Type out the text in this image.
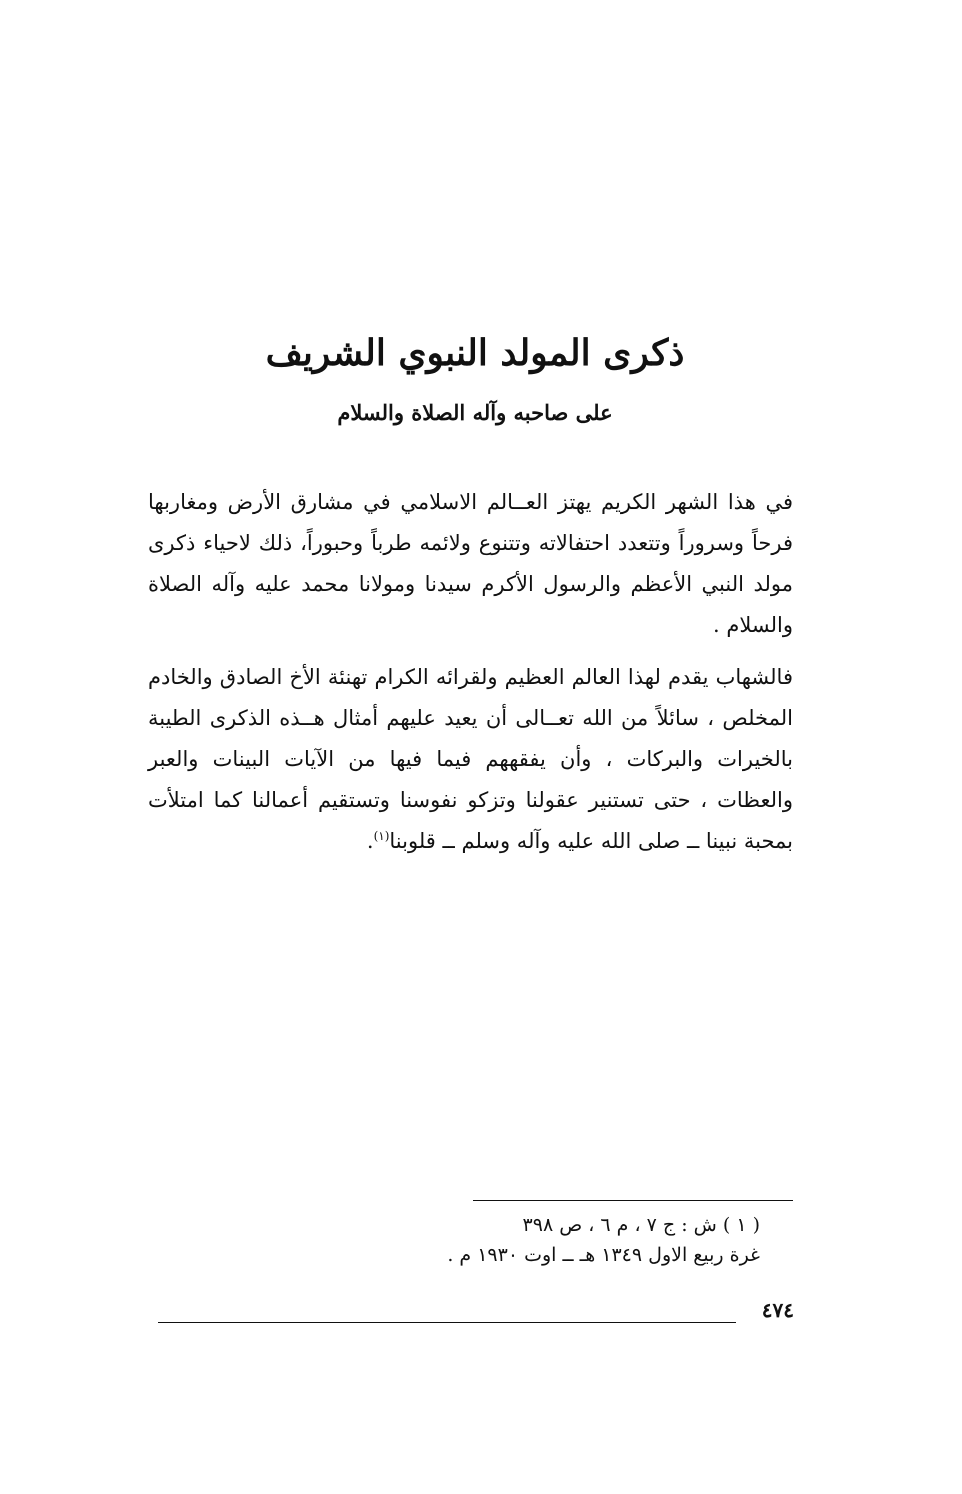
ذكرى المولد النبوي الشريف
على صاحبه وآله الصلاة والسلام
في هذا الشهر الكريم يهتز العــالم الاسلامي في مشارق الأرض ومغاربها فرحاً وسروراً وتتعدد احتفالاته وتتنوع ولائمه طرباً وحبوراً، ذلك لاحياء ذكرى مولد النبي الأعظم والرسول الأكرم سيدنا ومولانا محمد عليه وآله الصلاة والسلام .
فالشهاب يقدم لهذا العالم العظيم ولقرائه الكرام تهنئة الأخ الصادق والخادم المخلص ، سائلاً من الله تعــالى أن يعيد عليهم أمثال هــذه الذكرى الطيبة بالخيرات والبركات ، وأن يفقههم فيما فيها من الآيات البينات والعبر والعظات ، حتى تستنير عقولنا وتزكو نفوسنا وتستقيم أعمالنا كما امتلأت بمحبة نبينا ــ صلى الله عليه وآله وسلم ــ قلوبنا$^{(١)}$.
( ١ ) ش : ج ٧ ، م ٦ ، ص ٣٩٨
غرة ربيع الاول ١٣٤٩ هـ ــ اوت ١٩٣٠ م .
٤٧٤
